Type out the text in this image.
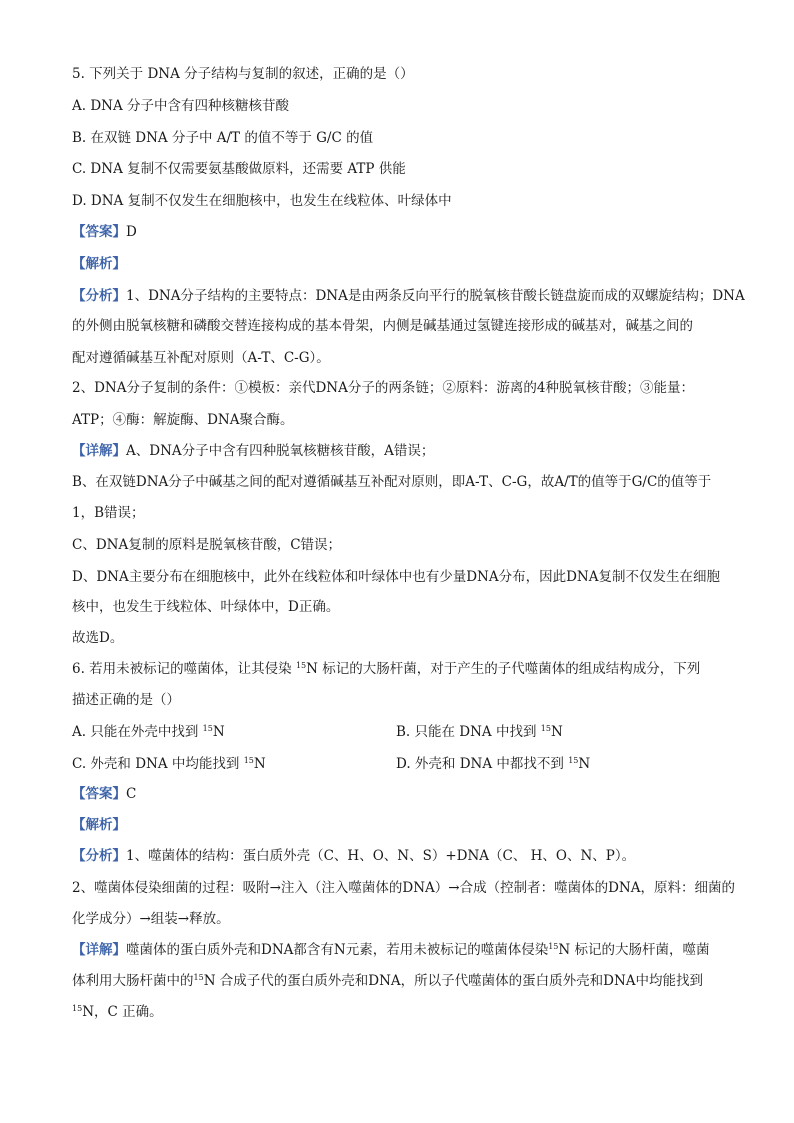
5. 下列关于 DNA 分子结构与复制的叙述，正确的是（）
A. DNA 分子中含有四种核糖核苷酸
B. 在双链 DNA 分子中 A/T 的值不等于 G/C 的值
C. DNA 复制不仅需要氨基酸做原料，还需要 ATP 供能
D. DNA 复制不仅发生在细胞核中，也发生在线粒体、叶绿体中
【答案】D
【解析】
【分析】1、DNA分子结构的主要特点：DNA是由两条反向平行的脱氧核苷酸长链盘旋而成的双螺旋结构；DNA
的外侧由脱氧核糖和磷酸交替连接构成的基本骨架，内侧是碱基通过氢键连接形成的碱基对，碱基之间的
配对遵循碱基互补配对原则（A-T、C-G）。
2、DNA分子复制的条件：①模板：亲代DNA分子的两条链；②原料：游离的4种脱氧核苷酸；③能量：
ATP；④酶：解旋酶、DNA聚合酶。
【详解】A、DNA分子中含有四种脱氧核糖核苷酸，A错误；
B、在双链DNA分子中碱基之间的配对遵循碱基互补配对原则，即A-T、C-G，故A/T的值等于G/C的值等于
1，B错误；
C、DNA复制的原料是脱氧核苷酸，C错误；
D、DNA主要分布在细胞核中，此外在线粒体和叶绿体中也有少量DNA分布，因此DNA复制不仅发生在细胞
核中，也发生于线粒体、叶绿体中，D正确。
故选D。
6. 若用未被标记的噬菌体，让其侵染 $^{15}$N 标记的大肠杆菌，对于产生的子代噬菌体的组成结构成分，下列
描述正确的是（）
A. 只能在外壳中找到 $^{15}$N	B. 只能在 DNA 中找到 $^{15}$N
C. 外壳和 DNA 中均能找到 $^{15}$N	D. 外壳和 DNA 中都找不到 $^{15}$N
【答案】C
【解析】
【分析】1、噬菌体的结构：蛋白质外壳（C、H、O、N、S）+DNA（C、 H、O、N、P）。
2、噬菌体侵染细菌的过程：吸附→注入（注入噬菌体的DNA）→合成（控制者：噬菌体的DNA，原料：细菌的
化学成分）→组装→释放。
【详解】噬菌体的蛋白质外壳和DNA都含有N元素，若用未被标记的噬菌体侵染$^{15}$N 标记的大肠杆菌，噬菌
体利用大肠杆菌中的$^{15}$N 合成子代的蛋白质外壳和DNA，所以子代噬菌体的蛋白质外壳和DNA中均能找到
$^{15}$N，C 正确。
